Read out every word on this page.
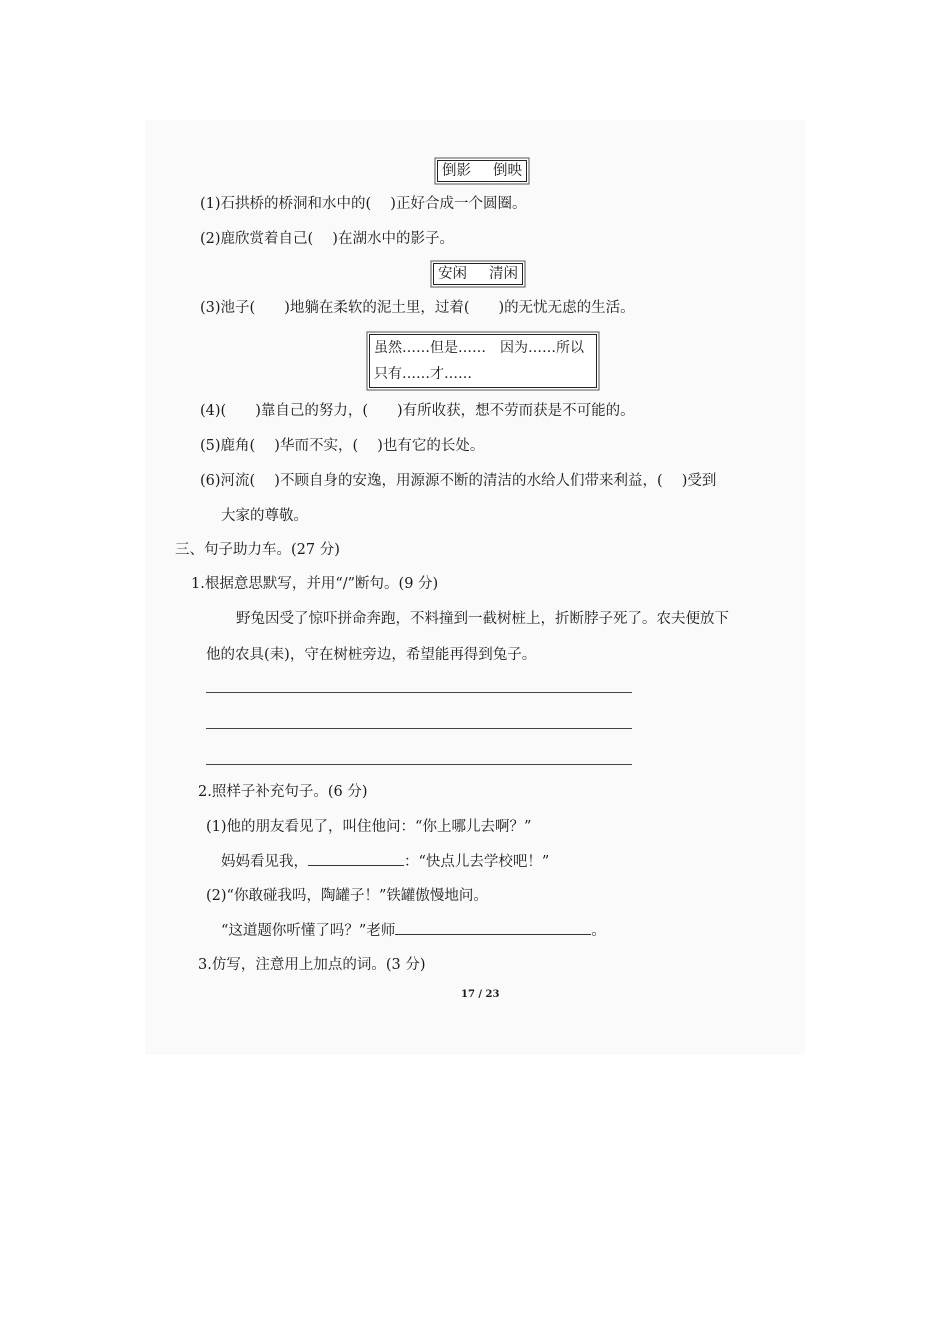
倒影 倒映
(1)石拱桥的桥洞和水中的(　 )正好合成一个圆圈。
(2)鹿欣赏着自己(　 )在湖水中的影子。
安闲 清闲
(3)池子(　　)地躺在柔软的泥土里，过着(　　)的无忧无虑的生活。
虽然……但是…… 因为……所以
只有……才……
(4)(　　)靠自己的努力，(　　)有所收获，想不劳而获是不可能的。
(5)鹿角(　 )华而不实，(　 )也有它的长处。
(6)河流(　 )不顾自身的安逸，用源源不断的清洁的水给人们带来利益，(　 )受到
大家的尊敬。
三、句子助力车。(27 分)
1.根据意思默写，并用“/”断句。(9 分)
野兔因受了惊吓拼命奔跑，不料撞到一截树桩上，折断脖子死了。农夫便放下
他的农具(耒)，守在树桩旁边，希望能再得到兔子。
2.照样子补充句子。(6 分)
(1)他的朋友看见了，叫住他问：“你上哪儿去啊？”
妈妈看见我，	：“快点儿去学校吧！”
(2)“你敢碰我吗，陶罐子！”铁罐傲慢地问。
“这道题你听懂了吗？”老师	。
3.仿写，注意用上加点的词。(3 分)
17 / 23
